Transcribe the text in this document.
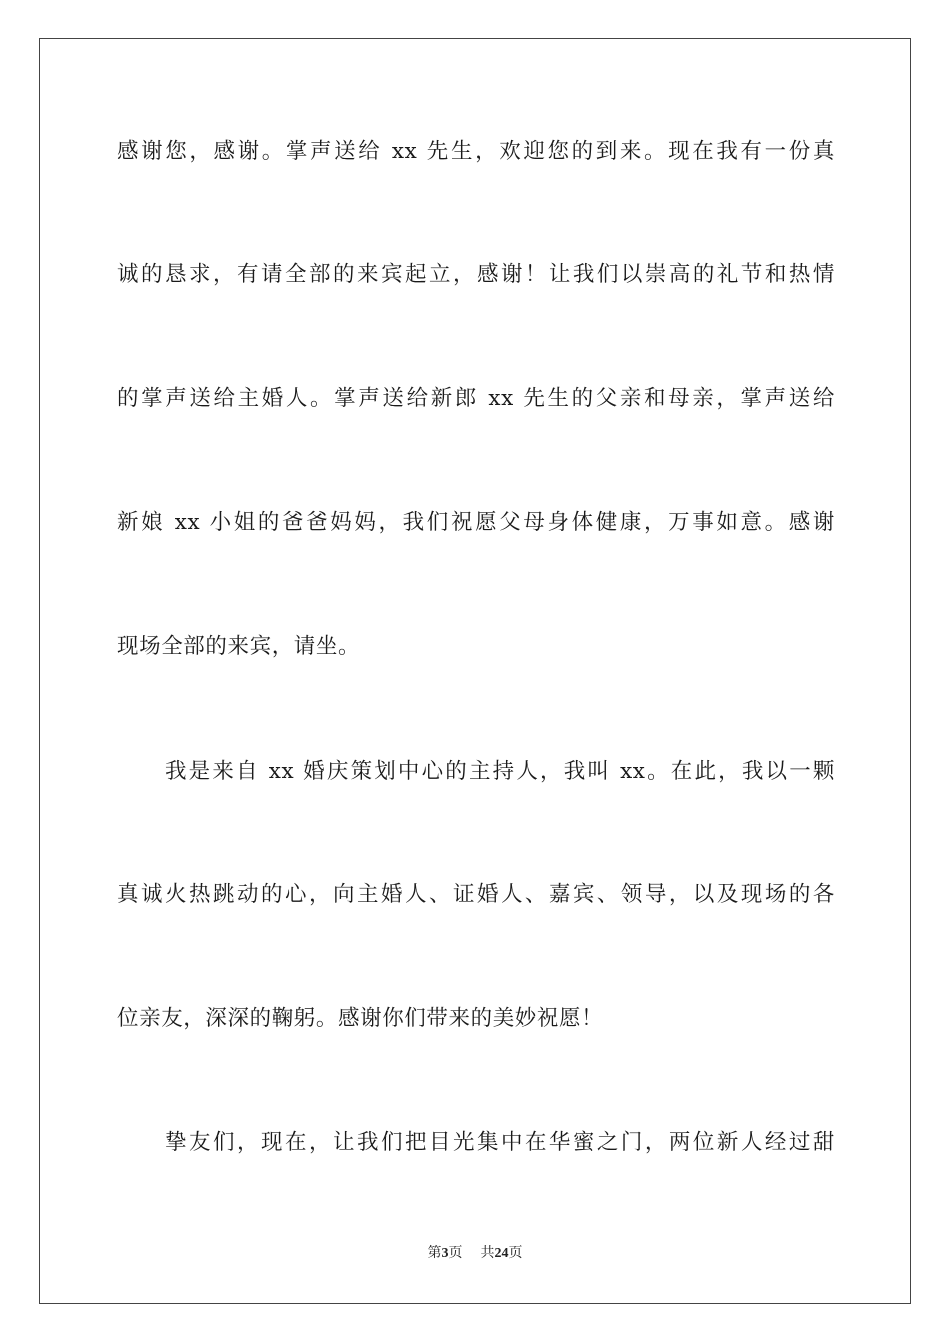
感谢您，感谢。掌声送给 xx 先生，欢迎您的到来。现在我有一份真
诚的恳求，有请全部的来宾起立，感谢！让我们以崇高的礼节和热情
的掌声送给主婚人。掌声送给新郎 xx 先生的父亲和母亲，掌声送给
新娘 xx 小姐的爸爸妈妈，我们祝愿父母身体健康，万事如意。感谢
现场全部的来宾，请坐。
我是来自 xx 婚庆策划中心的主持人，我叫 xx。在此，我以一颗
真诚火热跳动的心，向主婚人、证婚人、嘉宾、领导，以及现场的各
位亲友，深深的鞠躬。感谢你们带来的美妙祝愿！
挚友们，现在，让我们把目光集中在华蜜之门，两位新人经过甜
第3页 共24页
